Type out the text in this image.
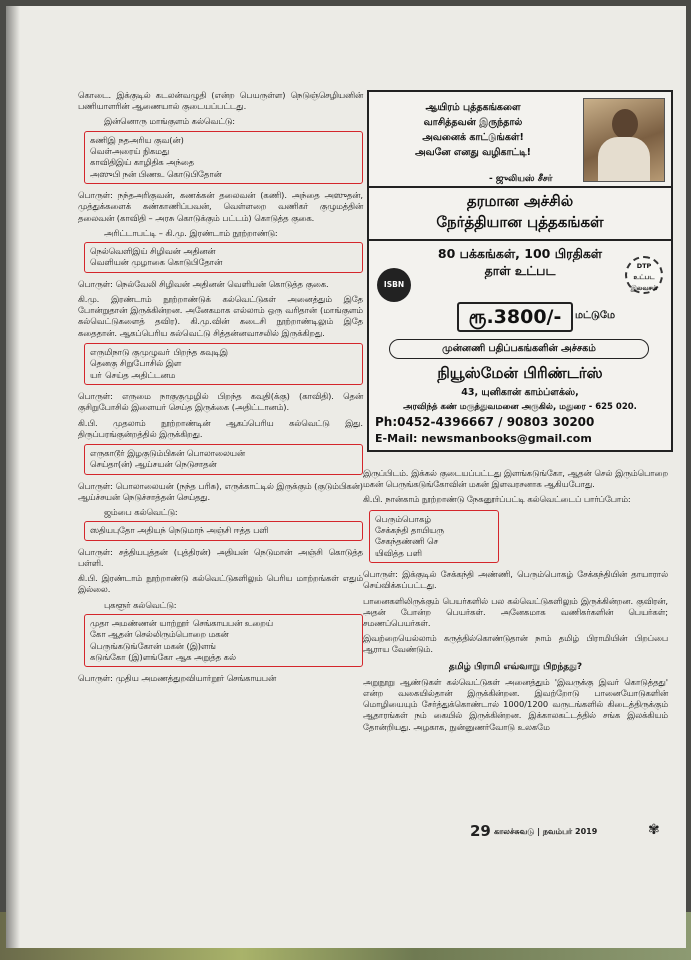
கொடை. இக்குடில் கடலன்வழுதி (என்ற பெயருள்ள) நெடுஞ்செழியனின் பணியாளரின் ஆணையால் குடையப்பட்டது.

இன்னொரு மாங்குளம் கல்வெட்டு:

கணிஇ நதஅரிய குவ(ன்)
வெள்அரைய் நிகமது
காவிதிஇய் காழிதிக அந்தை
அஸுபி நன் பிணஉ கொடுபிதோன்

பொருள்: நந்தஅரிகுவன், கணக்கன் தலைவன் (கணி). அந்தை அஸுதன், முத்துக்களைக் கண்காணிப்பவன், வெள்ளறை வணிகர் குழுமத்தின் தலைவன் (காவிதி – அரசு கொடுக்கும் பட்டம்) கொடுத்த குகை.

அரிட்டாபட்டி – கி.மு. இரண்டாம் நூற்றாண்டு:

நெல்வெளிஇய் சிழிவன் அதினன்
வெளியன் முழாகை கொடுபிதோன்

பொருள்: நெல்வேலி சிழிவன் அதினன் வெளியன் கொடுத்த குகை.

கி.மு. இரண்டாம் நூற்றாண்டுக் கல்வெட்டுகள் அனைத்தும் இதே போன்றுதான் இருக்கின்றன. அனேகமாக எல்லாம் ஒரு வரிதான் (மாங்குளம் கல்வெட்டுகளைத் தவிர). கி.மு.வின் கடைசி நூற்றாண்டிலும் இதே கதைதான். ஆகப்பெரிய கல்வெட்டு சித்தன்னவாசலில் இருக்கிறது.

எருமிநாடு குமுழுவா் பிறந்த கவுடிஇ
தெனகு சிறுபோசில் இள
யா் செய்த அதிட்டனம

பொருள்: எருமை நாகுகுமுழில் பிறந்த கவுதி(க்கு) (காவிதி). தென் குசிறுபோசில் இளையர் செய்த இருக்கை (அதிட்டானம்).

கி.பி. முதலாம் நூற்றாண்டின் ஆகப்பெரிய கல்வெட்டு இது. திருப்பரங்குன்றத்தில் இருக்கிறது.

எருகாடூர் இழகுடும்பிகன் பொலாலையன்
செய்தா(ன்) ஆய்சயன் நெடுசாதன்

பொருள்: பொலாலையன் (நந்த பரிசு), எருக்காட்டில் இருக்கும் (குடும்பிகன்) ஆய்ச்சயன் நெடுச்சாத்தன் செய்தது.

ஜம்பை கல்வெட்டு:

ஸதியபுதோ அதியந் நெடுமாந் அஞ்சி ஈத்த பளி

பொருள்: சத்தியபுத்தன் (புத்திரன்) அதியன் நெடுமான் அஞ்சி கொடுத்த பள்ளி.

கி.பி. இரண்டாம் நூற்றாண்டு கல்வெட்டுகளிலும் பெரிய மாற்றங்கள் எதும் இல்லை.

புகளூர் கல்வெட்டு:

முதா அமண்ணன் யாற்றூா் செங்காயபன் உறைய்
கோ ஆதன் செல்லிரும்பொறை மகன்
பெருங்கடுங்கோன் மகன் (இ)ளங்
கடுங்கோ (இ)ளங்கோ ஆக அறுத்த கல்

பொருள்: முதிய அமணத்துறவியார்றூர் செங்காயபன்

ஆயிரம் புத்தகங்களை
வாசித்தவன் இருந்தால்
அவனைக் காட்டுங்கள்!
அவனே எனது வழிகாட்டி!
- ஜுலியஸ் சீசர்
தரமான அச்சில்
நேர்த்தியான புத்தகங்கள்
80 பக்கங்கள், 100 பிரதிகள்
தாள் உட்பட
ISBN
DTP உட்பட இலவசம்
ரூ.3800/-	மட்டுமே
முன்னணி பதிப்பகங்களின் அச்சகம்
நியூஸ்மேன் பிரிண்டர்ஸ்
43, யுனிகான் காம்ப்ளக்ஸ்,
அரவிந்த் கண் மருத்துவமனை அருகில், மதுரை - 625 020.
Ph:0452-4396667 / 90803 30200
E-Mail: newsmanbooks@gmail.com

இருப்பிடம். இக்கல் குடையப்பட்டது இளங்கடுங்கோ, ஆதன் செல் இரும்பொறை மகன் பெருங்கடுங்கோவின் மகன் இளவரசனாக ஆகியபோது.

கி.பி. நான்காம் நூற்றாண்டு நேகனூர்ப்பட்டி கல்வெட்டைப் பார்ப்போம்:

பெரும்பொகழ்
சேக்கந்தி தாயியரு
சேகந்தண்ணி செ
யிவித்த பளி

பொருள்: இக்குடில் சேக்கந்தி அண்ணி, பெரும்பொகழ் சேக்கந்தியின் தாயாரால் செய்விக்கப்பட்டது.

பானைகளிலிருக்கும் பெயர்களில் பல கல்வெட்டுகளிலும் இருக்கின்றன. குவிரன், அதன் போன்ற பெயர்கள். அனேகமாக வணிகர்களின் பெயர்கள்; சமணப்பெயர்கள்.

இவற்றையெல்லாம் கருத்தில்கொண்டுதான் நாம் தமிழ் பிராமியின் பிறப்பை ஆராய வேண்டும்.

தமிழ் பிராமி எவ்வாறு பிறந்தது?

அறுநூறு ஆண்டுகள் கல்வெட்டுகள் அனைத்தும் 'இவருக்கு இவர் கொடுத்தது' என்ற வகையில்தான் இருக்கின்றன. இவற்றோடு பானையோடுகளின் மொழியையும் சேர்த்துக்கொண்டால் 1000/1200 வருடங்களில் கிடைத்திருக்கும் ஆதாரங்கள் நம் கையில் இருக்கின்றன. இக்காலகட்டத்தில் சங்க இலக்கியம் தோன்றியது. அழகாக, நுன்னுணர்வோடு உலகமே

29 காலச்சுவடு | நவம்பர் 2019	✾
